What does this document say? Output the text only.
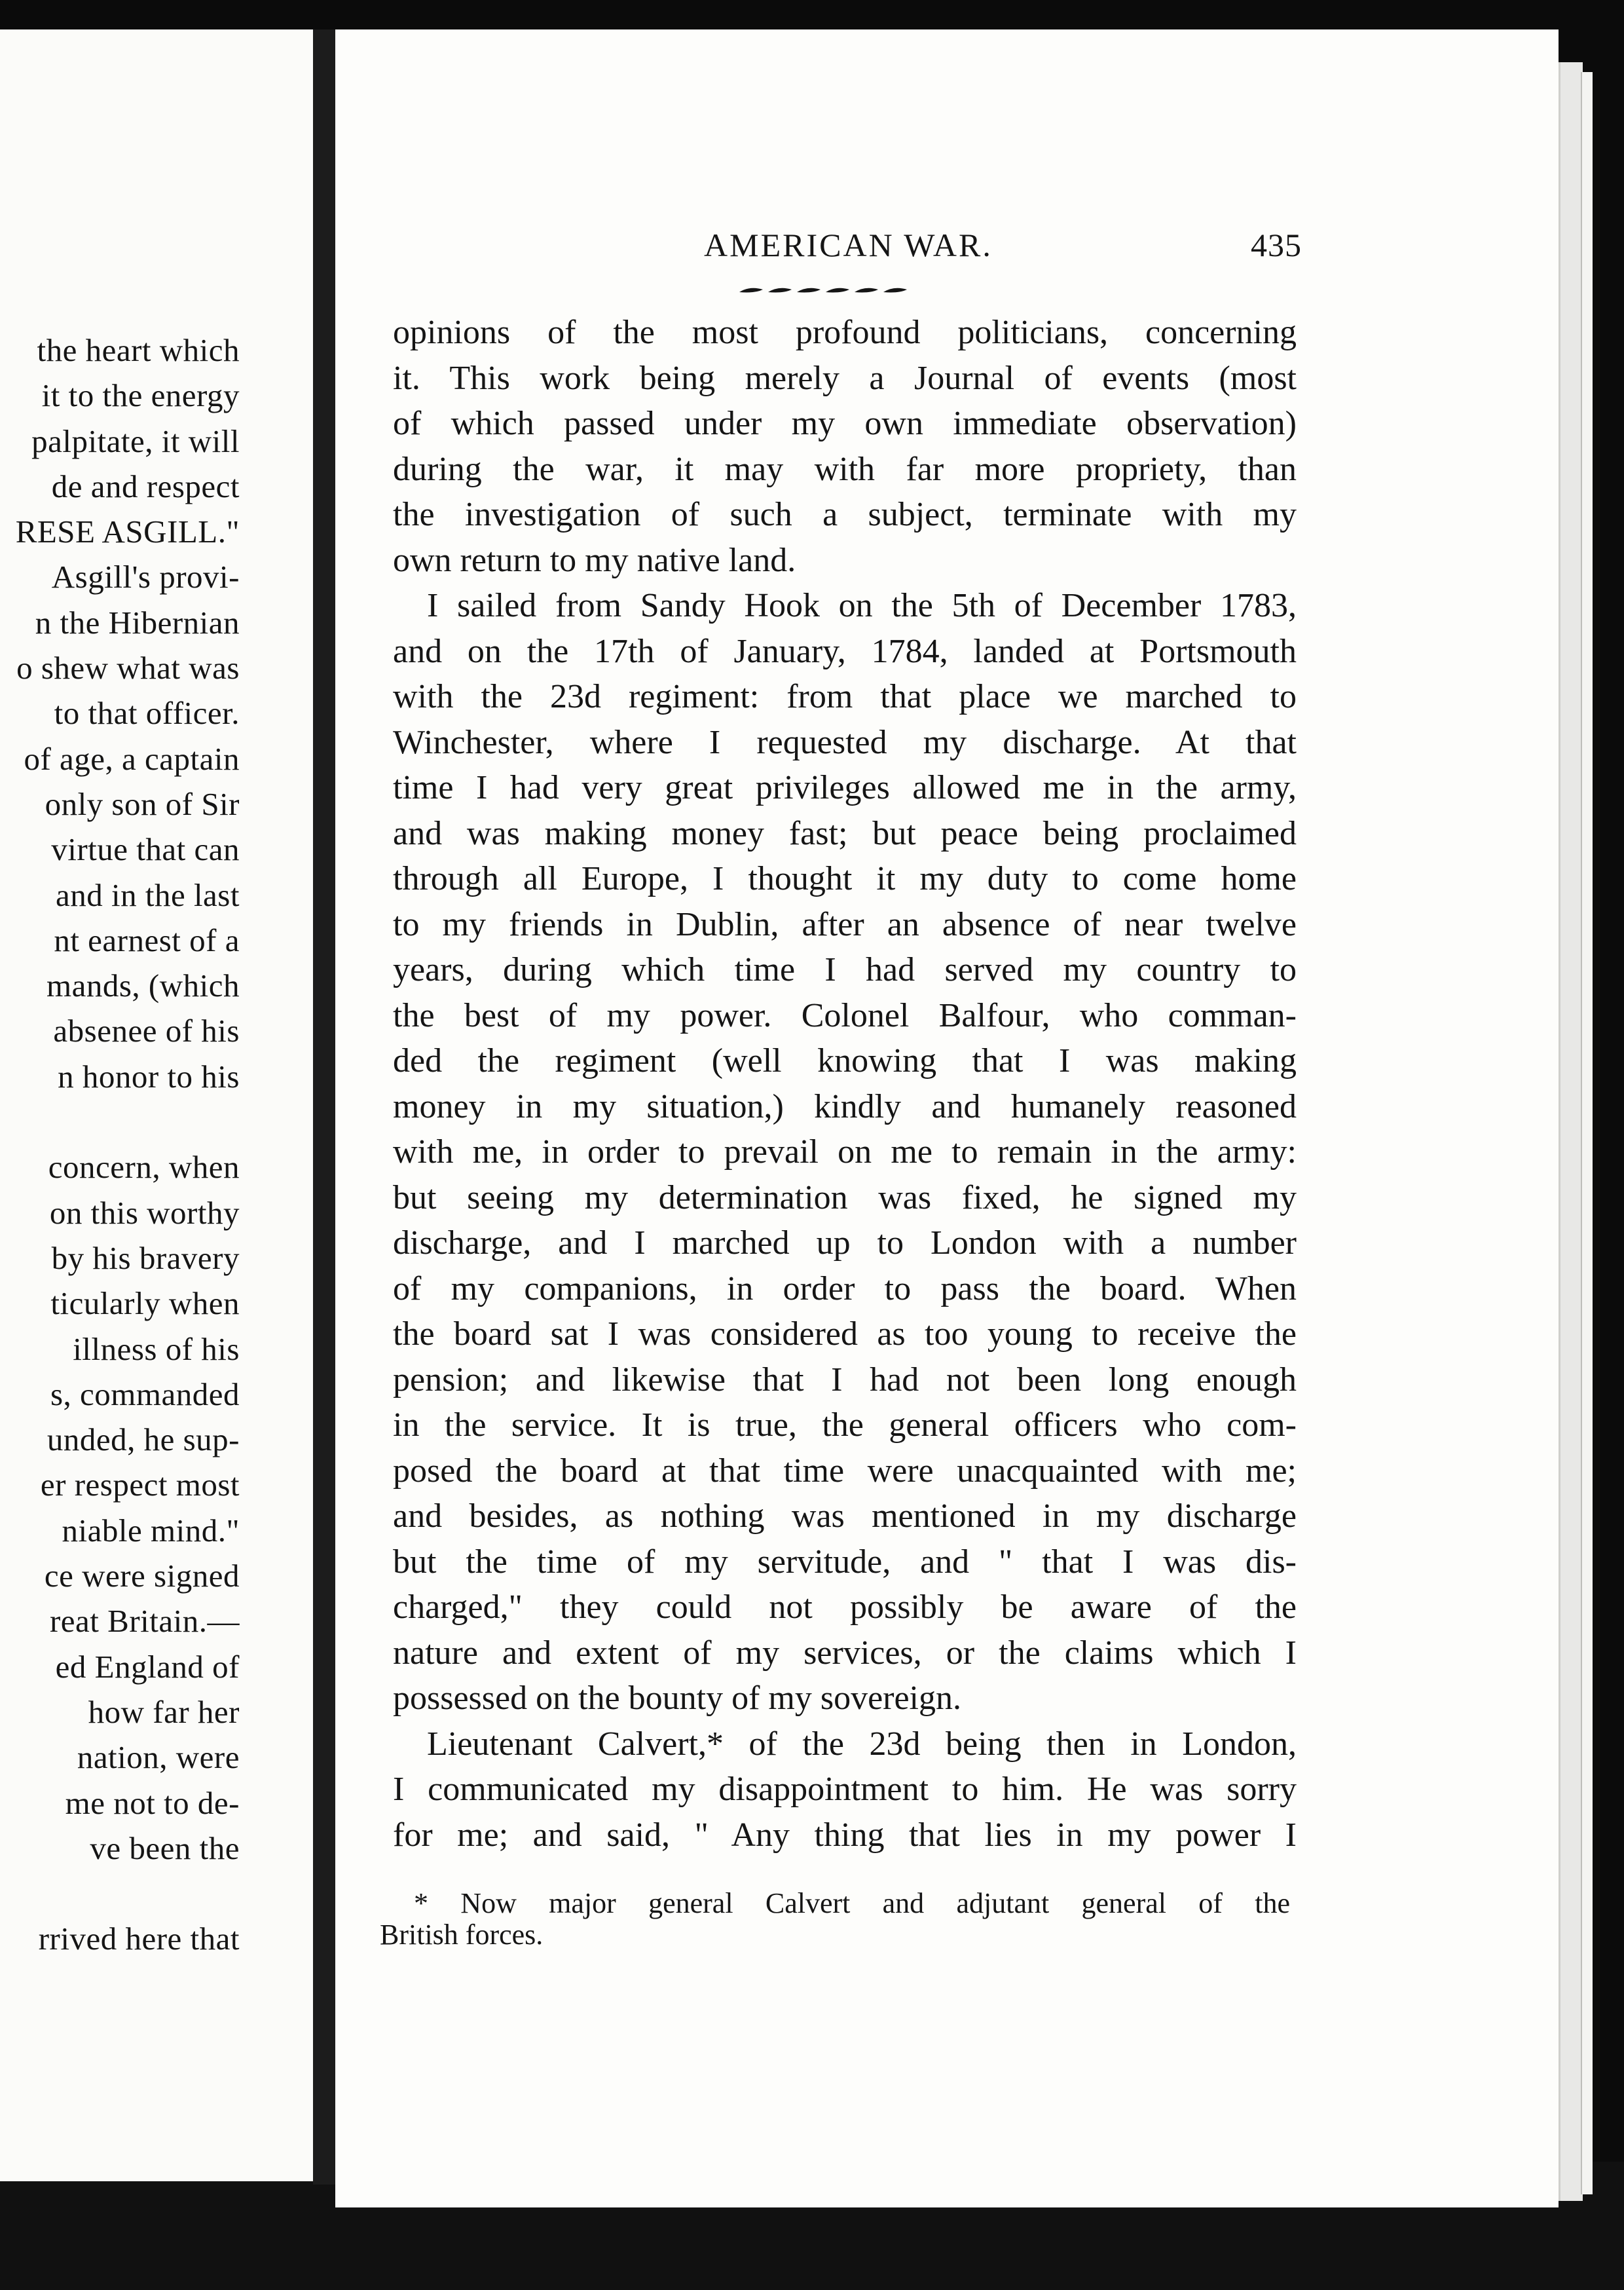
the heart which
it to the energy
palpitate, it will
de and respect
RESE ASGILL."
Asgill's provi-
n the Hibernian
o shew what was
to that officer.
of age, a captain
only son of Sir
virtue that can
and in the last
nt earnest of a
mands, (which
absenee of his
n honor to his
concern, when
on this worthy
by his bravery
ticularly when
illness of his
s, commanded
unded, he sup-
er respect most
niable mind."
ce were signed
reat Britain.—
ed England of
how far her
nation, were
me not to de-
ve been the
rrived here that
AMERICAN WAR.	435
opinions of the most profound politicians, concerning
it. This work being merely a Journal of events (most
of which passed under my own immediate observation)
during the war, it may with far more propriety, than
the investigation of such a subject, terminate with my
own return to my native land.
I sailed from Sandy Hook on the 5th of December 1783,
and on the 17th of January, 1784, landed at Portsmouth
with the 23d regiment: from that place we marched to
Winchester, where I requested my discharge. At that
time I had very great privileges allowed me in the army,
and was making money fast; but peace being proclaimed
through all Europe, I thought it my duty to come home
to my friends in Dublin, after an absence of near twelve
years, during which time I had served my country to
the best of my power. Colonel Balfour, who comman-
ded the regiment (well knowing that I was making
money in my situation,) kindly and humanely reasoned
with me, in order to prevail on me to remain in the army:
but seeing my determination was fixed, he signed my
discharge, and I marched up to London with a number
of my companions, in order to pass the board. When
the board sat I was considered as too young to receive the
pension; and likewise that I had not been long enough
in the service. It is true, the general officers who com-
posed the board at that time were unacquainted with me;
and besides, as nothing was mentioned in my discharge
but the time of my servitude, and " that I was dis-
charged," they could not possibly be aware of the
nature and extent of my services, or the claims which I
possessed on the bounty of my sovereign.
Lieutenant Calvert,* of the 23d being then in London,
I communicated my disappointment to him. He was sorry
for me; and said, " Any thing that lies in my power I
* Now major general Calvert and adjutant general of the
British forces.
